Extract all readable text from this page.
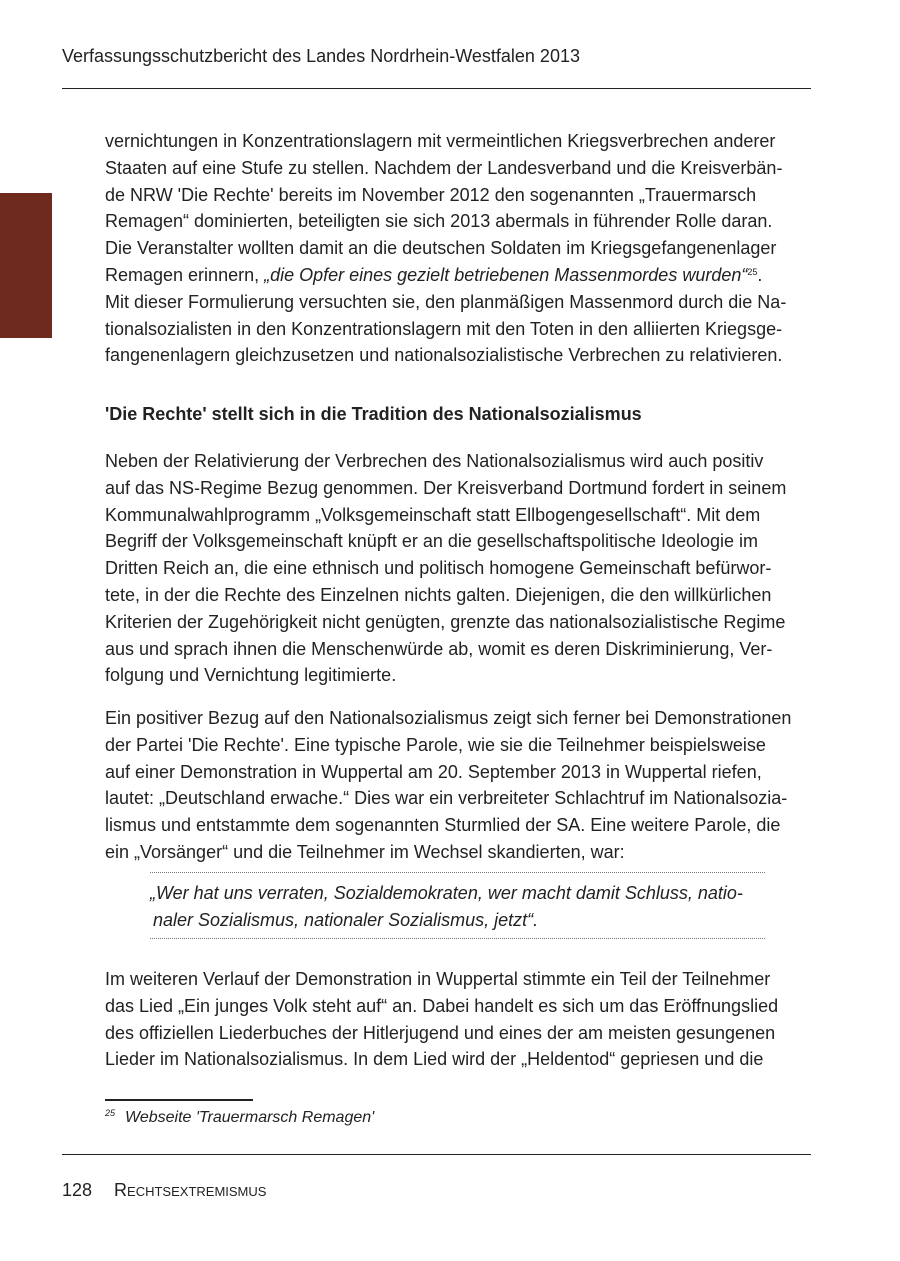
Verfassungsschutzbericht des Landes Nordrhein-Westfalen 2013

vernichtungen in Konzentrationslagern mit vermeintlichen Kriegsverbrechen anderer

Staaten auf eine Stufe zu stellen. Nachdem der Landesverband und die Kreisverbän-

de NRW 'Die Rechte' bereits im November 2012 den sogenannten „Trauermarsch

Remagen“ dominierten, beteiligten sie sich 2013 abermals in führender Rolle daran.

Die Veranstalter wollten damit an die deutschen Soldaten im Kriegsgefangenenlager

Remagen erinnern, „die Opfer eines gezielt betriebenen Massenmordes wurden“$^{25}$.

Mit dieser Formulierung versuchten sie, den planmäßigen Massenmord durch die Na-

tionalsozialisten in den Konzentrationslagern mit den Toten in den alliierten Kriegsge-

fangenenlagern gleichzusetzen und nationalsozialistische Verbrechen zu relativieren.

'Die Rechte' stellt sich in die Tradition des Nationalsozialismus

Neben der Relativierung der Verbrechen des Nationalsozialismus wird auch positiv

auf das NS-Regime Bezug genommen. Der Kreisverband Dortmund fordert in seinem

Kommunalwahlprogramm „Volksgemeinschaft statt Ellbogengesellschaft“. Mit dem

Begriff der Volksgemeinschaft knüpft er an die gesellschaftspolitische Ideologie im

Dritten Reich an, die eine ethnisch und politisch homogene Gemeinschaft befürwor-

tete, in der die Rechte des Einzelnen nichts galten. Diejenigen, die den willkürlichen

Kriterien der Zugehörigkeit nicht genügten, grenzte das nationalsozialistische Regime

aus und sprach ihnen die Menschenwürde ab, womit es deren Diskriminierung, Ver-

folgung und Vernichtung legitimierte.

Ein positiver Bezug auf den Nationalsozialismus zeigt sich ferner bei Demonstrationen

der Partei 'Die Rechte'. Eine typische Parole, wie sie die Teilnehmer beispielsweise

auf einer Demonstration in Wuppertal am 20. September 2013 in Wuppertal riefen,

lautet: „Deutschland erwache.“ Dies war ein verbreiteter Schlachtruf im Nationalsozia-

lismus und entstammte dem sogenannten Sturmlied der SA. Eine weitere Parole, die

ein „Vorsänger“ und die Teilnehmer im Wechsel skandierten, war:

„Wer hat uns verraten, Sozialdemokraten, wer macht damit Schluss, natio-
naler Sozialismus, nationaler Sozialismus, jetzt“.

Im weiteren Verlauf der Demonstration in Wuppertal stimmte ein Teil der Teilnehmer

das Lied „Ein junges Volk steht auf“ an. Dabei handelt es sich um das Eröffnungslied

des offiziellen Liederbuches der Hitlerjugend und eines der am meisten gesungenen

Lieder im Nationalsozialismus. In dem Lied wird der „Heldentod“ gepriesen und die

$^{25}$ Webseite 'Trauermarsch Remagen'
128 Rechtsextremismus
